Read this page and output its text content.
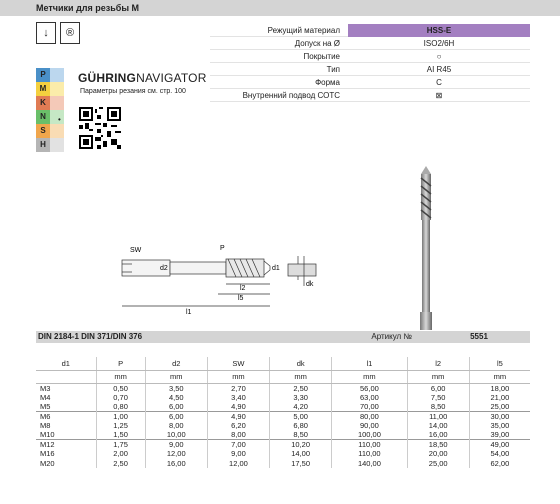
Метчики для резьбы М
↓	®	Режущий материал	HSS-E
Допуск на Ø	ISO2/6H
Покрытие	○
Тип	AI R45
Форма	C
Внутренний подвод СОТС	⊠
P
M
K
N
S
H
GÜHRINGNAVIGATOR
Параметры резания см. стр. 100
•
SW
d2
P
d1
l2
l5
l1
dk
DIN 2184-1 DIN 371/DIN 376	Артикул №	5551
d1	P	d2	SW	dk	l1	l2	l5
	mm	mm	mm	mm	mm	mm	mm
M3	0,50	3,50	2,70	2,50	56,00	6,00	18,00
M4	0,70	4,50	3,40	3,30	63,00	7,50	21,00
M5	0,80	6,00	4,90	4,20	70,00	8,50	25,00
M6	1,00	6,00	4,90	5,00	80,00	11,00	30,00
M8	1,25	8,00	6,20	6,80	90,00	14,00	35,00
M10	1,50	10,00	8,00	8,50	100,00	16,00	39,00
M12	1,75	9,00	7,00	10,20	110,00	18,50	49,00
M16	2,00	12,00	9,00	14,00	110,00	20,00	54,00
M20	2,50	16,00	12,00	17,50	140,00	25,00	62,00
